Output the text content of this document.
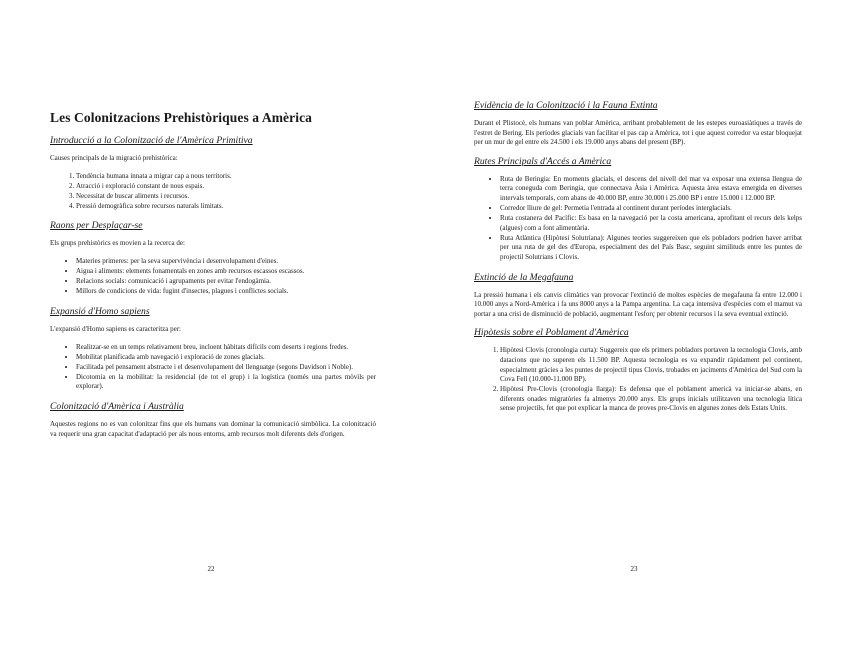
Les Colonitzacions Prehistòriques a Amèrica
Introducció a la Colonització de l'Amèrica Primitiva

Causes principals de la migració prehistòrica:

1. Tendència humana innata a migrar cap a nous territoris.
2. Atracció i exploració constant de nous espais.
3. Necessitat de buscar aliments i recursos.
4. Pressió demogràfica sobre recursos naturals limitats.
Raons per Desplaçar-se

Els grups prehistòrics es movien a la recerca de:

• Materies primeres: per la seva supervivència i desenvolupament d'eines.
• Aigua i aliments: elements fonamentals en zones amb recursos escassos escassos.
• Relacions socials: comunicació i agrupaments per evitar l'endogàmia.
• Millors de condicions de vida: fugint d'insectes, plagues i conflictes socials.
Expansió d'Homo sapiens

L'expansió d'Homo sapiens es caracteritza per:

• Realitzar-se en un temps relativament breu, incloent hàbitats difícils com deserts i regions fredes.
• Mobilitat planificada amb navegació i exploració de zones glacials.
• Facilitada pel pensament abstracte i el desenvolupament del llenguatge (segons Davidson i Noble).
• Dicotomia en la mobilitat: la residencial (de tot el grup) i la logística (només una partes mòvils per explorar).
Colonització d'Amèrica i Austràlia

Aquestes regions no es van colonitzar fins que els humans van dominar la comunicació simbòlica. La colonització va requerir una gran capacitat d'adaptació per als nous entorns, amb recursos molt diferents dels d'origen.

22
Evidència de la Colonització i la Fauna Extinta

Durant el Plistocè, els humans van poblar Amèrica, arribant probablement de les estepes euroasiàtiques a través de l'estret de Bering. Els períodes glacials van facilitar el pas cap a Amèrica, tot i que aquest corredor va estar bloquejat per un mur de gel entre els 24.500 i els 19.000 anys abans del present (BP).

Rutes Principals d'Accés a Amèrica
• Ruta de Beringia: En moments glacials, el descens del nivell del mar va exposar una extensa llengua de terra coneguda com Beringia, que connectava Àsia i Amèrica. Aquesta àrea estava emergida en diverses intervals temporals, com abans de 40.000 BP, entre 30.000 i 25.000 BP i entre 15.000 i 12.000 BP.
• Corredor lliure de gel: Permetia l'entrada al continent durant períodes interglacials.
• Ruta costanera del Pacífic: Es basa en la navegació per la costa americana, aprofitant el recurs dels kelps (algues) com a font alimentària.
• Ruta Atlàntica (Hipòtesi Solutriana): Algunes teories suggereixen que els pobladors podrien haver arribat per una ruta de gel des d'Europa, especialment des del País Basc, seguint similituds entre les puntes de projectil Solutrians i Clovis.
Extinció de la Megafauna

La pressió humana i els canvis climàtics van provocar l'extinció de moltes espècies de megafauna fa entre 12.000 i 10.000 anys a Nord-Amèrica i fa uns 8000 anys a la Pampa argentina. La caça intensiva d'espècies com el mamut va portar a una crisi de disminució de població, augmentant l'esforç per obtenir recursos i la seva eventual extinció.

Hipòtesis sobre el Poblament d'Amèrica
1. Hipòtesi Clovis (cronologia curta): Suggereix que els primers pobladors portaven la tecnologia Clovis, amb datacions que no superen els 11.500 BP. Aquesta tecnologia es va expandir ràpidament pel continent, especialment gràcies a les puntes de projectil tipus Clovis, trobades en jaciments d'Amèrica del Sud com la Cova Fell (10.000-11.000 BP).
2. Hipòtesi Pre-Clovis (cronologia llarga): Es defensa que el poblament americà va iniciar-se abans, en diferents onades migratòries fa almenys 20.000 anys. Els grups inicials utilitzaven una tecnologia lítica sense projectils, fet que pot explicar la manca de proves pre-Clovis en algunes zones dels Estats Units.
23
